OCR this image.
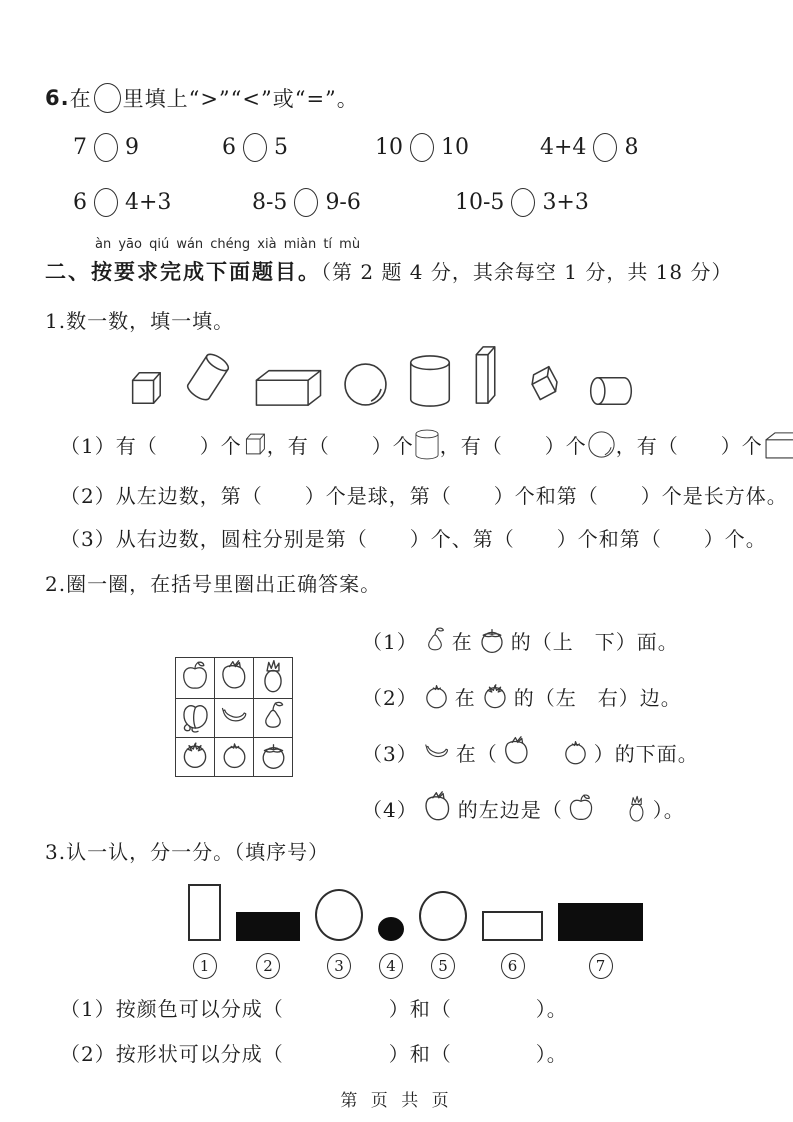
6. 在 里填上“>”“<”或“=”。
7 9	6 5	10 10	4+4 8
6 4+3	8-5 9-6	10-5 3+3
àn yāo qiú wán chéng xià miàn tí mù
二、按要求完成下面题目。（第 2 题 4 分，其余每空 1 分，共 18 分）
1.数一数，填一填。
（1）有（　　）个 ，有（　　）个 ，有（　　）个 ，有（　　）个
（2）从左边数，第（　　）个是球，第（　　）个和第（　　）个是长方体。
（3）从右边数，圆柱分别是第（　　）个、第（　　）个和第（　　）个。
2.圈一圈，在括号里圈出正确答案。

（1） 在 的（上　下）面。
（2） 在 的（左　右）边。
（3） 在（
　	）的下面。
（4） 的左边是（
　	）。
3.认一认，分一分。（填序号）
1	2	3	4	5	6	7
（1）按颜色可以分成（　　　　　）和（　　　　）。
（2）按形状可以分成（　　　　　）和（　　　　）。
第 页 共 页
